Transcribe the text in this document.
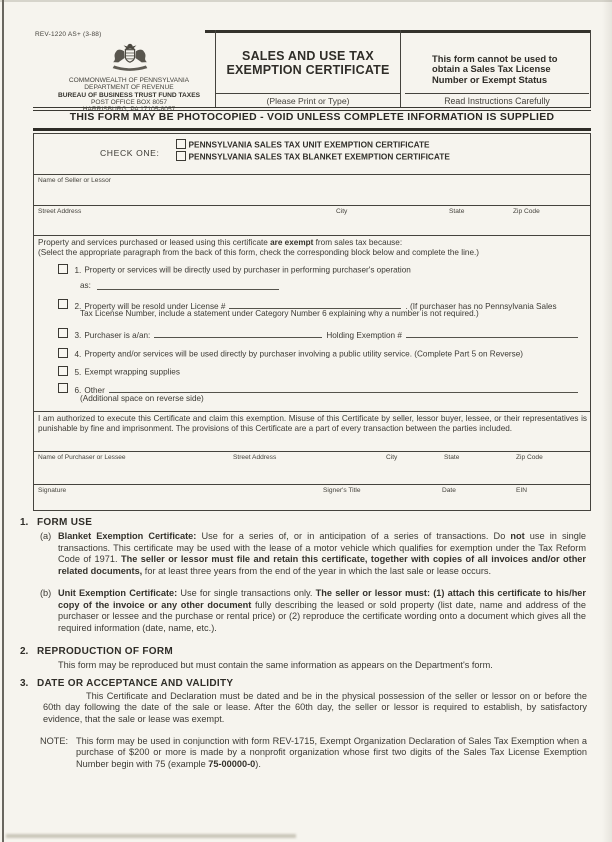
REV-1220 AS+ (3-88)
COMMONWEALTH OF PENNSYLVANIA
DEPARTMENT OF REVENUE
BUREAU OF BUSINESS TRUST FUND TAXES
POST OFFICE BOX 8057
SALES AND USE TAX
EXEMPTION CERTIFICATE
(Please Print or Type)
This form cannot be used to obtain a Sales Tax License Number or Exempt Status
Read Instructions Carefully
THIS FORM MAY BE PHOTOCOPIED - VOID UNLESS COMPLETE INFORMATION IS SUPPLIED
CHECK ONE:
PENNSYLVANIA SALES TAX UNIT EXEMPTION CERTIFICATE
PENNSYLVANIA SALES TAX BLANKET EXEMPTION CERTIFICATE
Name of Seller or Lessor
Street Address	City	State	Zip Code
Property and services purchased or leased using this certificate are exempt from sales tax because:
(Select the appropriate paragraph from the back of this form, check the corresponding block below and complete the line.)
1. Property or services will be directly used by purchaser in performing purchaser's operation
as:
2. Property will be resold under License #	. (If purchaser has no Pennsylvania Sales
Tax License Number, include a statement under Category Number 6 explaining why a number is not required.)
3. Purchaser is a/an:	Holding Exemption #
4. Property and/or services will be used directly by purchaser involving a public utility service. (Complete Part 5 on Reverse)
5. Exempt wrapping supplies
6. Other
(Additional space on reverse side)

I am authorized to execute this Certificate and claim this exemption. Misuse of this Certificate by seller, lessor buyer, lessee, or their representatives is punishable by fine and imprisonment. The provisions of this Certificate are a part of every transaction between the parties included.

Name of Purchaser or Lessee	Street Address	City	State	Zip Code
Signature	Signer's Title	Date	EIN
1. FORM USE
(a) Blanket Exemption Certificate: Use for a series of, or in anticipation of a series of transactions. Do not use in single transactions. This certificate may be used with the lease of a motor vehicle which qualifies for exemption under the Tax Reform Code of 1971. The seller or lessor must file and retain this certificate, together with copies of all invoices and/or other related documents, for at least three years from the end of the year in which the last sale or lease occurs.

(b) Unit Exemption Certificate: Use for single transactions only. The seller or lessor must: (1) attach this certificate to his/her copy of the invoice or any other document fully describing the leased or sold property (list date, name and address of the purchaser or lessee and the purchase or rental price) or (2) reproduce the certificate wording onto a document which gives all the required information (date, name, etc.).

2. REPRODUCTION OF FORM

This form may be reproduced but must contain the same information as appears on the Department's form.

3. DATE OR ACCEPTANCE AND VALIDITY

This Certificate and Declaration must be dated and be in the physical possession of the seller or lessor on or before the 60th day following the date of the sale or lease. After the 60th day, the seller or lessor is required to establish, by satisfactory evidence, that the sale or lease was exempt.

NOTE: This form may be used in conjunction with form REV-1715, Exempt Organization Declaration of Sales Tax Exemption when a purchase of $200 or more is made by a nonprofit organization whose first two digits of the Sales Tax License Exemption Number begin with 75 (example 75-00000-0).
